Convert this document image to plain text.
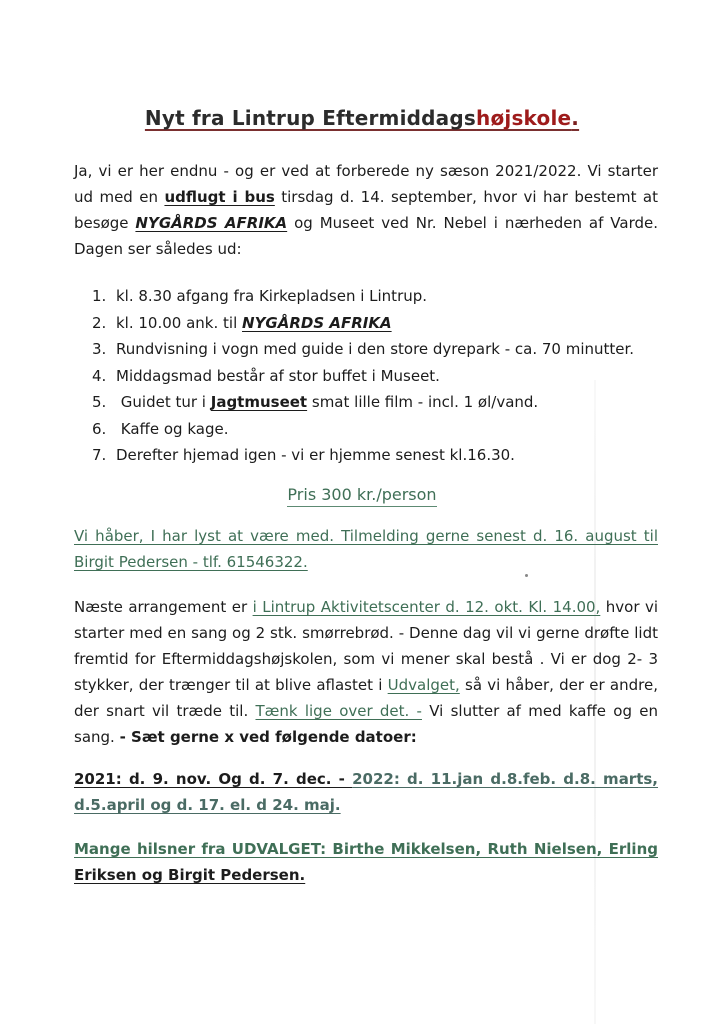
Nyt fra Lintrup Eftermiddagshøjskole.
Ja, vi er her endnu - og er ved at forberede ny sæson 2021/2022. Vi starter ud med en udflugt i bus tirsdag d. 14. september, hvor vi har bestemt at besøge NYGÅRDS AFRIKA og Museet ved Nr. Nebel i nærheden af Varde. Dagen ser således ud:
1. kl. 8.30 afgang fra Kirkepladsen i Lintrup.
2. kl. 10.00 ank. til NYGÅRDS AFRIKA
3. Rundvisning i vogn med guide i den store dyrepark - ca. 70 minutter.
4. Middagsmad består af stor buffet i Museet.
5. Guidet tur i Jagtmuseet smat lille film - incl. 1 øl/vand.
6. Kaffe og kage.
7. Derefter hjemad igen - vi er hjemme senest kl.16.30.
Pris 300 kr./person
Vi håber, I har lyst at være med. Tilmelding gerne senest d. 16. august til Birgit Pedersen - tlf. 61546322.
Næste arrangement er i Lintrup Aktivitetscenter d. 12. okt. Kl. 14.00, hvor vi starter med en sang og 2 stk. smørrebrød. - Denne dag vil vi gerne drøfte lidt fremtid for Eftermiddagshøjskolen, som vi mener skal bestå . Vi er dog 2- 3 stykker, der trænger til at blive aflastet i Udvalget, så vi håber, der er andre, der snart vil træde til. Tænk lige over det. - Vi slutter af med kaffe og en sang. - Sæt gerne x ved følgende datoer:
2021: d. 9. nov. Og d. 7. dec. - 2022: d. 11.jan d.8.feb. d.8. marts, d.5.april og d. 17. el. d 24. maj.
Mange hilsner fra UDVALGET: Birthe Mikkelsen, Ruth Nielsen, Erling Eriksen og Birgit Pedersen.
